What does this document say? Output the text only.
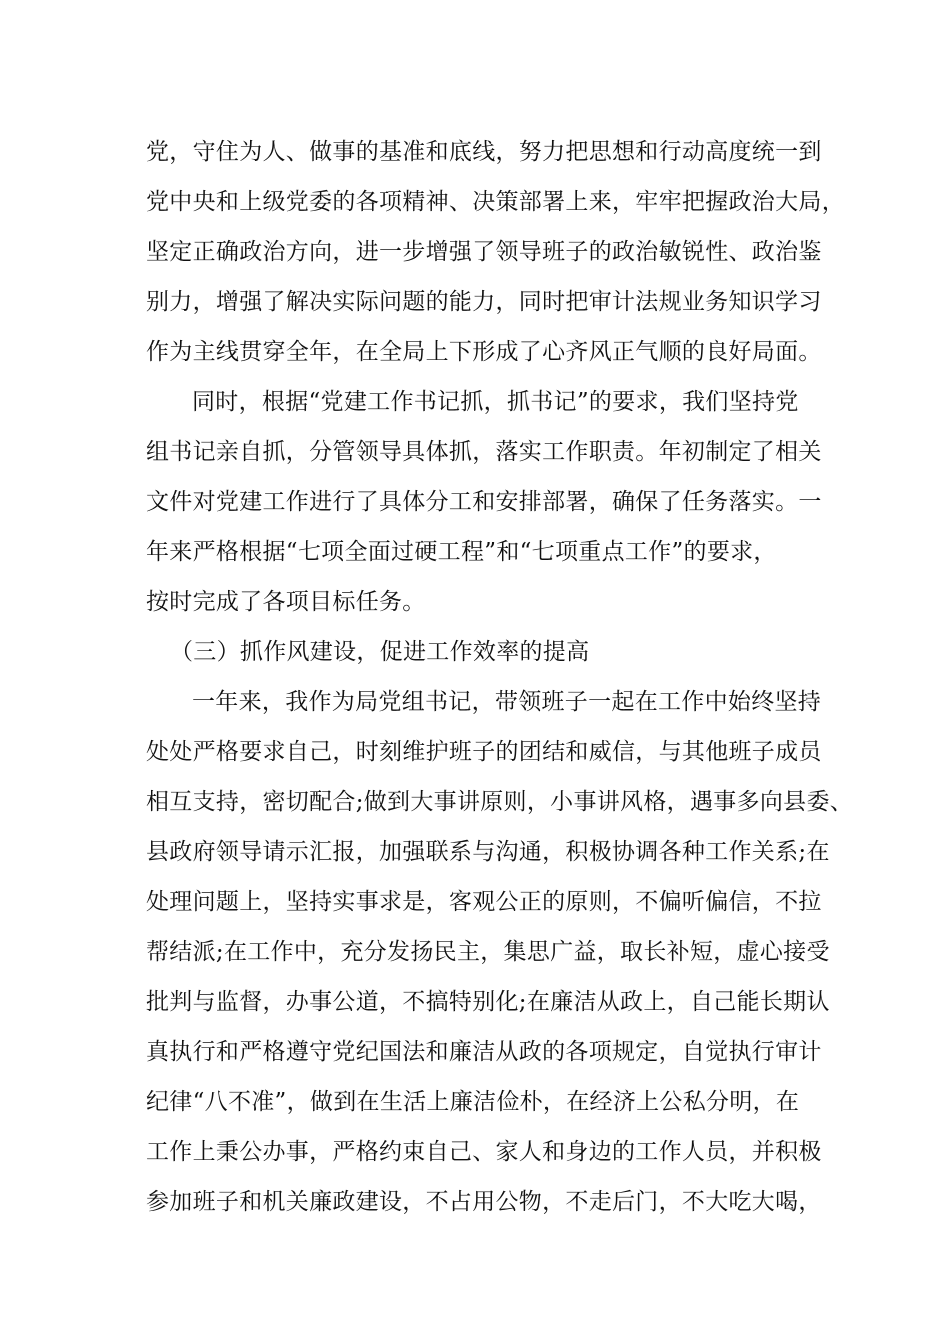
党，守住为人、做事的基准和底线，努力把思想和行动高度统一到
党中央和上级党委的各项精神、决策部署上来，牢牢把握政治大局，
坚定正确政治方向，进一步增强了领导班子的政治敏锐性、政治鉴
别力，增强了解决实际问题的能力，同时把审计法规业务知识学习
作为主线贯穿全年，在全局上下形成了心齐风正气顺的良好局面。
同时，根据“党建工作书记抓，抓书记”的要求，我们坚持党
组书记亲自抓，分管领导具体抓，落实工作职责。年初制定了相关
文件对党建工作进行了具体分工和安排部署，确保了任务落实。一
年来严格根据“七项全面过硬工程”和“七项重点工作”的要求，
按时完成了各项目标任务。
（三）抓作风建设，促进工作效率的提高
一年来，我作为局党组书记，带领班子一起在工作中始终坚持
处处严格要求自己，时刻维护班子的团结和威信，与其他班子成员
相互支持，密切配合;做到大事讲原则，小事讲风格，遇事多向县委、
县政府领导请示汇报，加强联系与沟通，积极协调各种工作关系;在
处理问题上，坚持实事求是，客观公正的原则，不偏听偏信，不拉
帮结派;在工作中，充分发扬民主，集思广益，取长补短，虚心接受
批判与监督，办事公道，不搞特别化;在廉洁从政上，自己能长期认
真执行和严格遵守党纪国法和廉洁从政的各项规定，自觉执行审计
纪律“八不准”，做到在生活上廉洁俭朴，在经济上公私分明，在
工作上秉公办事，严格约束自己、家人和身边的工作人员，并积极
参加班子和机关廉政建设，不占用公物，不走后门，不大吃大喝，
